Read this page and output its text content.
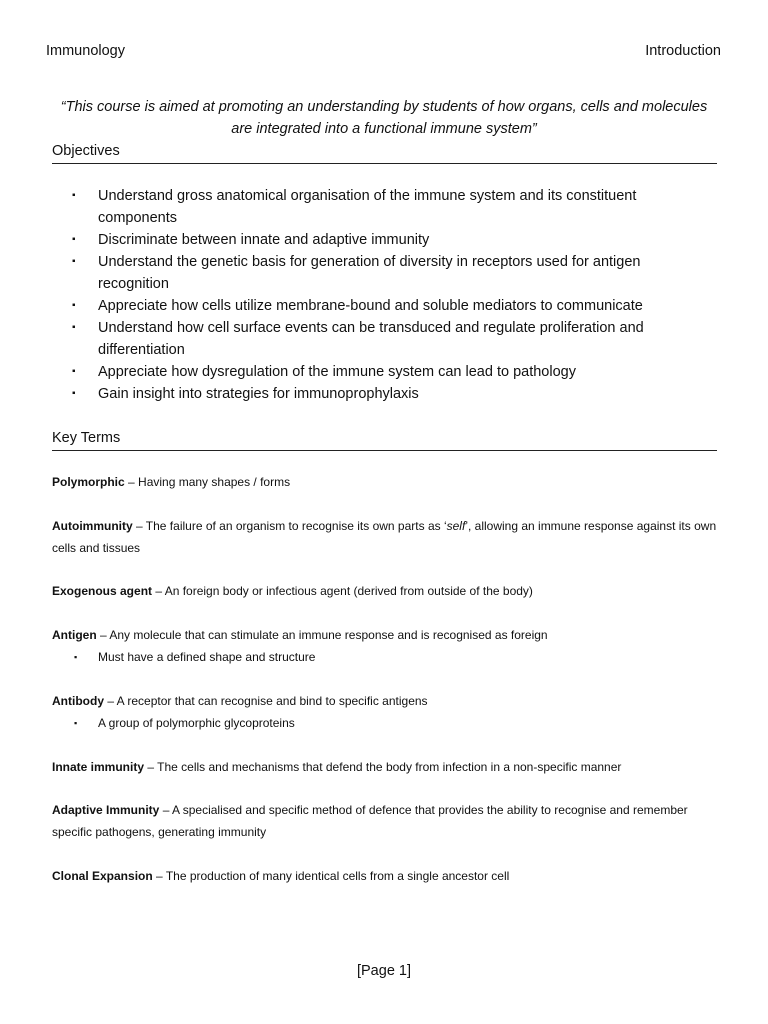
Immunology	Introduction
“This course is aimed at promoting an understanding by students of how organs, cells and molecules are integrated into a functional immune system”
Objectives
▪ Understand gross anatomical organisation of the immune system and its constituent components
▪ Discriminate between innate and adaptive immunity
▪ Understand the genetic basis for generation of diversity in receptors used for antigen recognition
▪ Appreciate how cells utilize membrane-bound and soluble mediators to communicate
▪ Understand how cell surface events can be transduced and regulate proliferation and differentiation
▪ Appreciate how dysregulation of the immune system can lead to pathology
▪ Gain insight into strategies for immunoprophylaxis
Key Terms
Polymorphic – Having many shapes / forms
Autoimmunity – The failure of an organism to recognise its own parts as ‘self’, allowing an immune response against its own cells and tissues
Exogenous agent – An foreign body or infectious agent (derived from outside of the body)
Antigen – Any molecule that can stimulate an immune response and is recognised as foreign
▪ Must have a defined shape and structure
Antibody – A receptor that can recognise and bind to specific antigens
▪ A group of polymorphic glycoproteins
Innate immunity – The cells and mechanisms that defend the body from infection in a non-specific manner
Adaptive Immunity – A specialised and specific method of defence that provides the ability to recognise and remember specific pathogens, generating immunity
Clonal Expansion – The production of many identical cells from a single ancestor cell
[Page 1]
